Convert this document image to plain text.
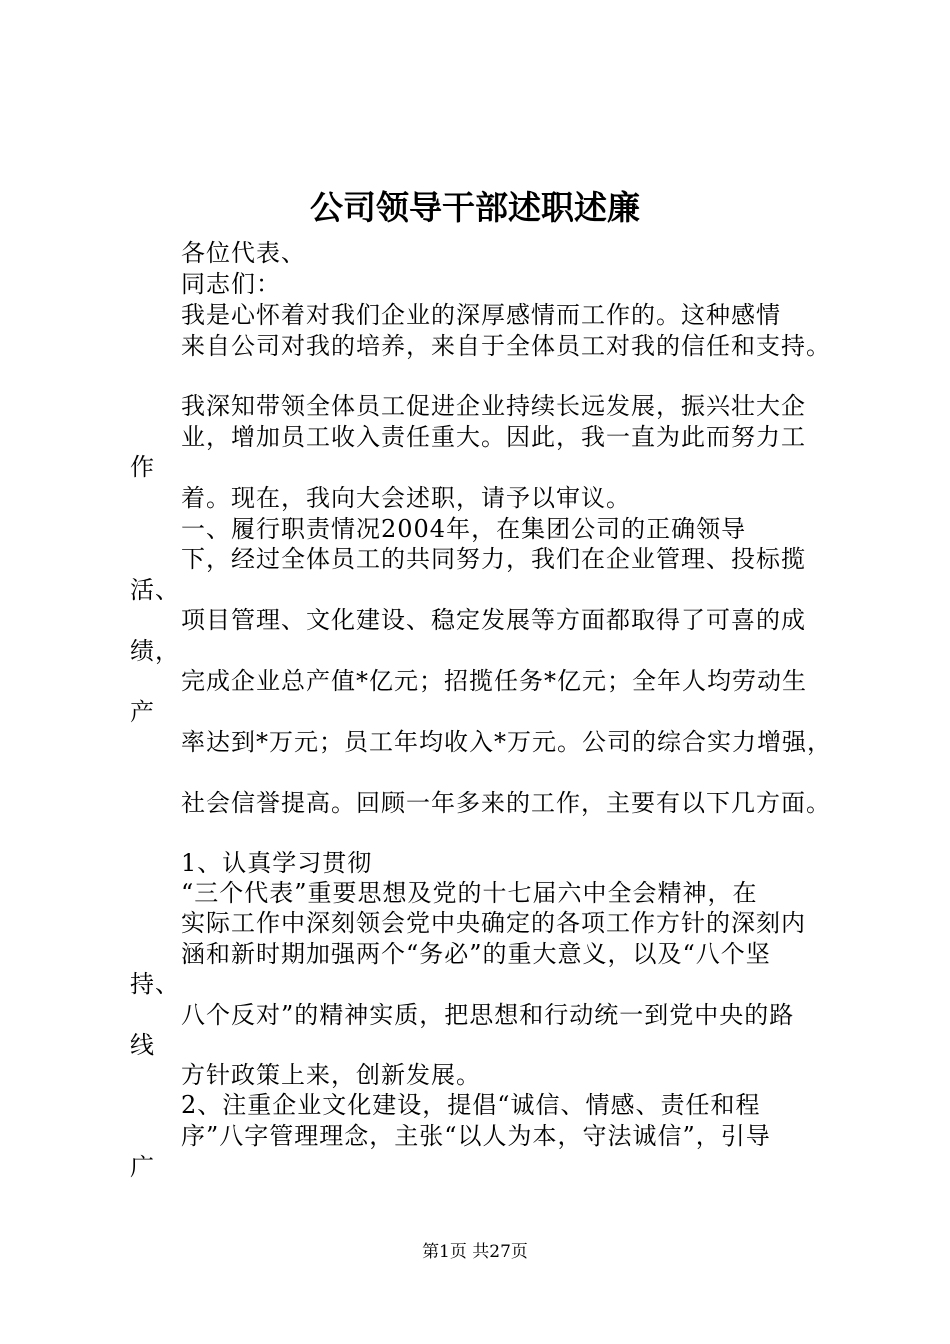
公司领导干部述职述廉
各位代表、
同志们：
我是心怀着对我们企业的深厚感情而工作的。这种感情
来自公司对我的培养，来自于全体员工对我的信任和支持。
我深知带领全体员工促进企业持续长远发展，振兴壮大企
业，增加员工收入责任重大。因此，我一直为此而努力工
作
着。现在，我向大会述职，请予以审议。
一、履行职责情况2004年，在集团公司的正确领导
下，经过全体员工的共同努力，我们在企业管理、投标揽
活、
项目管理、文化建设、稳定发展等方面都取得了可喜的成
绩，
完成企业总产值*亿元；招揽任务*亿元；全年人均劳动生
产
率达到*万元；员工年均收入*万元。公司的综合实力增强，
社会信誉提高。回顾一年多来的工作，主要有以下几方面。
1、认真学习贯彻
“三个代表”重要思想及党的十七届六中全会精神，在
实际工作中深刻领会党中央确定的各项工作方针的深刻内
涵和新时期加强两个“务必”的重大意义，以及“八个坚
持、
八个反对”的精神实质，把思想和行动统一到党中央的路
线
方针政策上来，创新发展。
2、注重企业文化建设，提倡“诚信、情感、责任和程
序”八字管理理念，主张“以人为本，守法诚信”，引导
广
第1页 共27页
